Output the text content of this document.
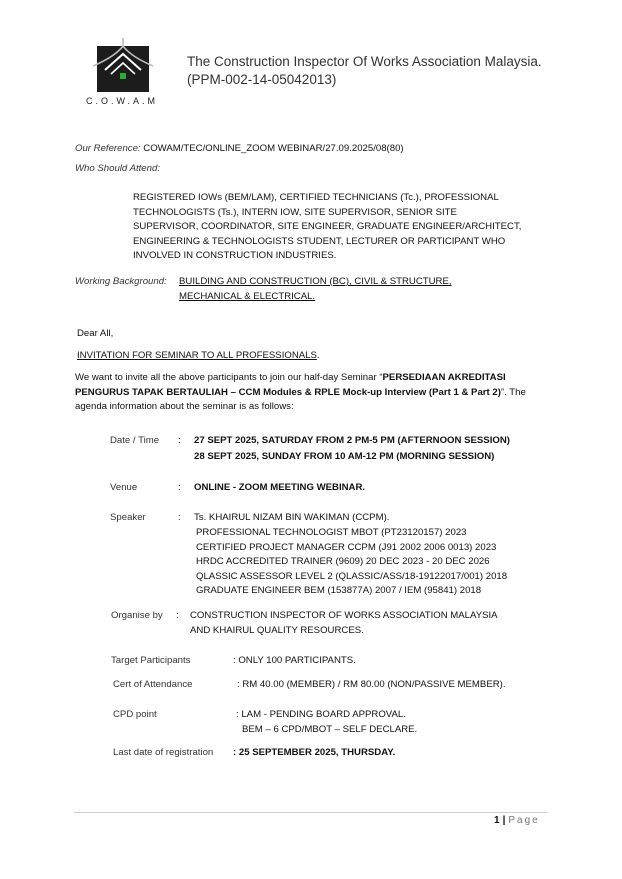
C.O.W.A.M
The Construction Inspector Of Works Association Malaysia.
(PPM-002-14-05042013)
Our Reference: COWAM/TEC/ONLINE_ZOOM WEBINAR/27.09.2025/08(80)
Who Should Attend:
REGISTERED IOWs (BEM/LAM), CERTIFIED TECHNICIANS (Tc.), PROFESSIONAL
TECHNOLOGISTS (Ts.), INTERN IOW, SITE SUPERVISOR, SENIOR SITE
SUPERVISOR, COORDINATOR, SITE ENGINEER, GRADUATE ENGINEER/ARCHITECT,
ENGINEERING & TECHNOLOGISTS STUDENT, LECTURER OR PARTICIPANT WHO
INVOLVED IN CONSTRUCTION INDUSTRIES.
Working Background: BUILDING AND CONSTRUCTION (BC), CIVIL & STRUCTURE,
MECHANICAL & ELECTRICAL.
Dear All,
INVITATION FOR SEMINAR TO ALL PROFESSIONALS.
We want to invite all the above participants to join our half-day Seminar “PERSEDIAAN AKREDITASI
PENGURUS TAPAK BERTAULIAH – CCM Modules & RPLE Mock-up Interview (Part 1 & Part 2)”. The
agenda information about the seminar is as follows:
Date / Time : 27 SEPT 2025, SATURDAY FROM 2 PM-5 PM (AFTERNOON SESSION)
28 SEPT 2025, SUNDAY FROM 10 AM-12 PM (MORNING SESSION)
Venue	: ONLINE - ZOOM MEETING WEBINAR.
Speaker	: Ts. KHAIRUL NIZAM BIN WAKIMAN (CCPM).
PROFESSIONAL TECHNOLOGIST MBOT (PT23120157) 2023
CERTIFIED PROJECT MANAGER CCPM (J91 2002 2006 0013) 2023
HRDC ACCREDITED TRAINER (9609) 20 DEC 2023 - 20 DEC 2026
QLASSIC ASSESSOR LEVEL 2 (QLASSIC/ASS/18-19122017/001) 2018
GRADUATE ENGINEER BEM (153877A) 2007 / IEM (95841) 2018
Organise by : CONSTRUCTION INSPECTOR OF WORKS ASSOCIATION MALAYSIA
AND KHAIRUL QUALITY RESOURCES.
Target Participants	: ONLY 100 PARTICIPANTS.
Cert of Attendance	: RM 40.00 (MEMBER) / RM 80.00 (NON/PASSIVE MEMBER).
CPD point	: LAM - PENDING BOARD APPROVAL.
BEM – 6 CPD/MBOT – SELF DECLARE.
Last date of registration : 25 SEPTEMBER 2025, THURSDAY.
1 | Page
